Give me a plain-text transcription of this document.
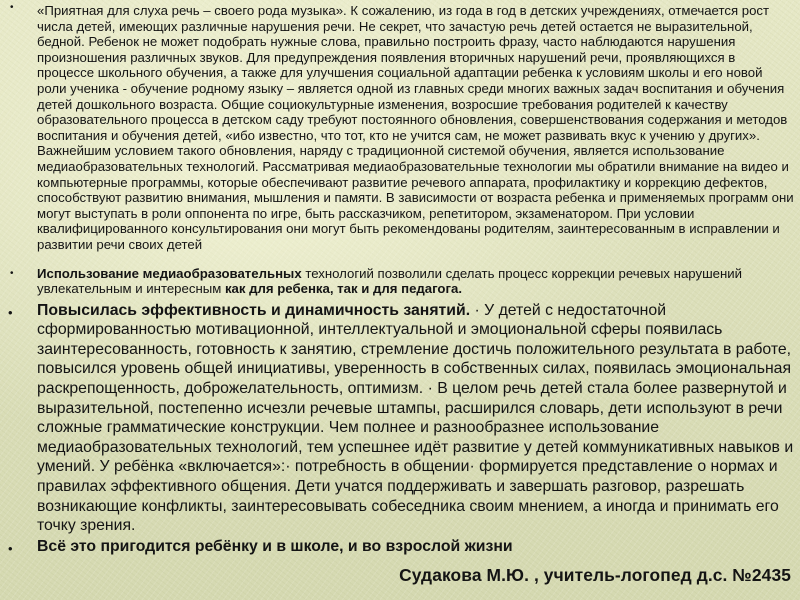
• «Приятная для слуха речь – своего рода музыка». К сожалению, из года в год в детских учреждениях, отмечается рост числа детей, имеющих различные нарушения речи. Не секрет, что зачастую речь детей остается не выразительной, бедной. Ребенок не может подобрать нужные слова, правильно построить фразу, часто наблюдаются нарушения произношения различных звуков. Для предупреждения появления вторичных нарушений речи, проявляющихся в процессе школьного обучения, а также для улучшения социальной адаптации ребенка к условиям школы и его новой роли ученика - обучение родному языку – является одной из главных среди многих важных задач воспитания и обучения детей дошкольного возраста. Общие социокультурные изменения, возросшие требования родителей к качеству образовательного процесса в детском саду требуют постоянного обновления, совершенствования содержания и методов воспитания и обучения детей, «ибо известно, что тот, кто не учится сам, не может развивать вкус к учению у других». Важнейшим условием такого обновления, наряду с традиционной системой обучения, является использование медиаобразовательных технологий. Рассматривая медиаобразовательные технологии мы обратили внимание на видео и компьютерные программы, которые обеспечивают развитие речевого аппарата, профилактику и коррекцию дефектов, способствуют развитию внимания, мышления и памяти. В зависимости от возраста ребенка и применяемых программ они могут выступать в роли оппонента по игре, быть рассказчиком, репетитором, экзаменатором. При условии квалифицированного консультирования они могут быть рекомендованы родителям, заинтересованным в исправлении и развитии речи своих детей
• Использование медиаобразовательных технологий позволили сделать процесс коррекции речевых нарушений увлекательным и интересным как для ребенка, так и для педагога.
• Повысилась эффективность и динамичность занятий. · У детей с недостаточной сформированностью мотивационной, интеллектуальной и эмоциональной сферы появилась заинтересованность, готовность к занятию, стремление достичь положительного результата в работе, повысился уровень общей инициативы, уверенность в собственных силах, появилась эмоциональная раскрепощенность, доброжелательность, оптимизм. · В целом речь детей стала более развернутой и выразительной, постепенно исчезли речевые штампы, расширился словарь, дети используют в речи сложные грамматические конструкции. Чем полнее и разнообразнее использование медиаобразовательных технологий, тем успешнее идёт развитие у детей коммуникативных навыков и умений. У ребёнка «включается»:· потребность в общении· формируется представление о нормах и правилах эффективного общения. Дети учатся поддерживать и завершать разговор, разрешать возникающие конфликты, заинтересовывать собеседника своим мнением, а иногда и принимать его точку зрения.
• Всё это пригодится ребёнку и в школе, и во взрослой жизни
Судакова М.Ю. , учитель-логопед д.с. №2435
